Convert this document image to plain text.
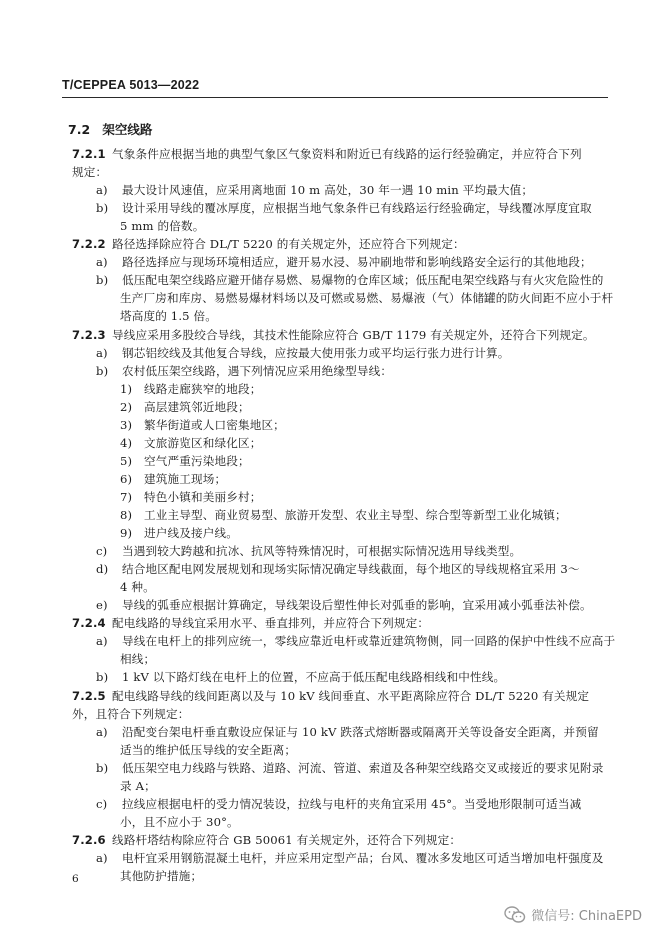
T/CEPPEA 5013—2022
7.2 架空线路
7.2.1 气象条件应根据当地的典型气象区气象资料和附近已有线路的运行经验确定，并应符合下列
规定：
a) 最大设计风速值，应采用离地面 10 m 高处，30 年一遇 10 min 平均最大值；
b) 设计采用导线的覆冰厚度，应根据当地气象条件已有线路运行经验确定，导线覆冰厚度宜取
5 mm 的倍数。
7.2.2 路径选择除应符合 DL/T 5220 的有关规定外，还应符合下列规定：
a) 路径选择应与现场环境相适应，避开易水浸、易冲刷地带和影响线路安全运行的其他地段；
b) 低压配电架空线路应避开储存易燃、易爆物的仓库区域；低压配电架空线路与有火灾危险性的
生产厂房和库房、易燃易爆材料场以及可燃或易燃、易爆液（气）体储罐的防火间距不应小于杆
塔高度的 1.5 倍。
7.2.3 导线应采用多股绞合导线，其技术性能除应符合 GB/T 1179 有关规定外，还符合下列规定。
a) 钢芯铝绞线及其他复合导线，应按最大使用张力或平均运行张力进行计算。
b) 农村低压架空线路，遇下列情况应采用绝缘型导线：
1) 线路走廊狭窄的地段；
2) 高层建筑邻近地段；
3) 繁华街道或人口密集地区；
4) 文旅游览区和绿化区；
5) 空气严重污染地段；
6) 建筑施工现场；
7) 特色小镇和美丽乡村；
8) 工业主导型、商业贸易型、旅游开发型、农业主导型、综合型等新型工业化城镇；
9) 进户线及接户线。
c) 当遇到较大跨越和抗冰、抗风等特殊情况时，可根据实际情况选用导线类型。
d) 结合地区配电网发展规划和现场实际情况确定导线截面，每个地区的导线规格宜采用 3～
4 种。
e) 导线的弧垂应根据计算确定，导线架设后塑性伸长对弧垂的影响，宜采用减小弧垂法补偿。
7.2.4 配电线路的导线宜采用水平、垂直排列，并应符合下列规定：
a) 导线在电杆上的排列应统一，零线应靠近电杆或靠近建筑物侧，同一回路的保护中性线不应高于
相线；
b) 1 kV 以下路灯线在电杆上的位置，不应高于低压配电线路相线和中性线。
7.2.5 配电线路导线的线间距离以及与 10 kV 线间垂直、水平距离除应符合 DL/T 5220 有关规定
外，且符合下列规定：
a) 沿配变台架电杆垂直敷设应保证与 10 kV 跌落式熔断器或隔离开关等设备安全距离，并预留
适当的维护低压导线的安全距离；
b) 低压架空电力线路与铁路、道路、河流、管道、索道及各种架空线路交叉或接近的要求见附录
录 A；
c) 拉线应根据电杆的受力情况装设，拉线与电杆的夹角宜采用 45°。当受地形限制可适当减
小，且不应小于 30°。
7.2.6 线路杆塔结构除应符合 GB 50061 有关规定外，还符合下列规定：
a) 电杆宜采用钢筋混凝土电杆，并应采用定型产品；台风、覆冰多发地区可适当增加电杆强度及
其他防护措施；
6
微信号: ChinaEPD
